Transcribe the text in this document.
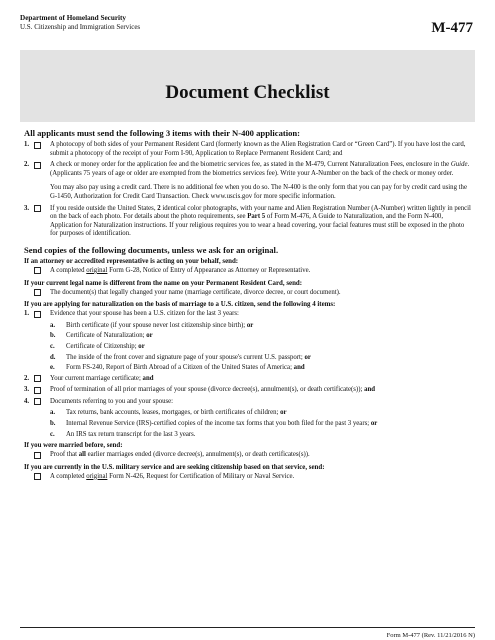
Department of Homeland Security
U.S. Citizenship and Immigration Services	M-477
Document Checklist
All applicants must send the following 3 items with their N-400 application:
1.	A photocopy of both sides of your Permanent Resident Card (formerly known as the Alien Registration Card or “Green Card”). If you have lost the card, submit a photocopy of the receipt of your Form I-90, Application to Replace Permanent Resident Card; and
2.	A check or money order for the application fee and the biometric services fee, as stated in the M-479, Current Naturalization Fees, enclosure in the Guide.(Applicants 75 years of age or older are exempted from the biometrics services fee). Write your A-Number on the back of the check or money order.
You may also pay using a credit card. There is no additional fee when you do so. The N-400 is the only form that you can pay for by credit card using the G-1450, Authorization for Credit Card Transaction. Check www.uscis.gov for more specific information.
3.	If you reside outside the United States, 2 identical color photographs, with your name and Alien Registration Number (A-Number) written lightly in pencil on the back of each photo. For details about the photo requirements, see Part 5 of Form M-476, A Guide to Naturalization, and the Form N-400, Application for Naturalization instructions. If your religious requires you to wear a head covering, your facial features must still be exposed in the photo for purposes of identification.
Send copies of the following documents, unless we ask for an original.
If an attorney or accredited representative is acting on your behalf, send:
A completed original Form G-28, Notice of Entry of Appearance as Attorney or Representative.
If your current legal name is different from the name on your Permanent Resident Card, send:
The document(s) that legally changed your name (marriage certificate, divorce decree, or court document).
If you are applying for naturalization on the basis of marriage to a U.S. citizen, send the following 4 items:
1.	Evidence that your spouse has been a U.S. citizen for the last 3 years:
a. Birth certificate (if your spouse never lost citizenship since birth); or
b. Certificate of Naturalization; or
c. Certificate of Citizenship; or
d. The inside of the front cover and signature page of your spouse's current U.S. passport; or
e. Form FS-240, Report of Birth Abroad of a Citizen of the United States of America; and
2.	Your current marriage certificate; and
3.	Proof of termination of all prior marriages of your spouse (divorce decree(s), annulment(s), or death certificate(s)); and
4.	Documents referring to you and your spouse:
a. Tax returns, bank accounts, leases, mortgages, or birth certificates of children; or
b. Internal Revenue Service (IRS)-certified copies of the income tax forms that you both filed for the past 3 years; or
c. An IRS tax return transcript for the last 3 years.
If you were married before, send:
Proof that all earlier marriages ended (divorce decree(s), annulment(s), or death certificates(s)).
If you are currently in the U.S. military service and are seeking citizenship based on that service, send:
A completed original Form N-426, Request for Certification of Military or Naval Service.
Form M-477 (Rev. 11/21/2016 N)
